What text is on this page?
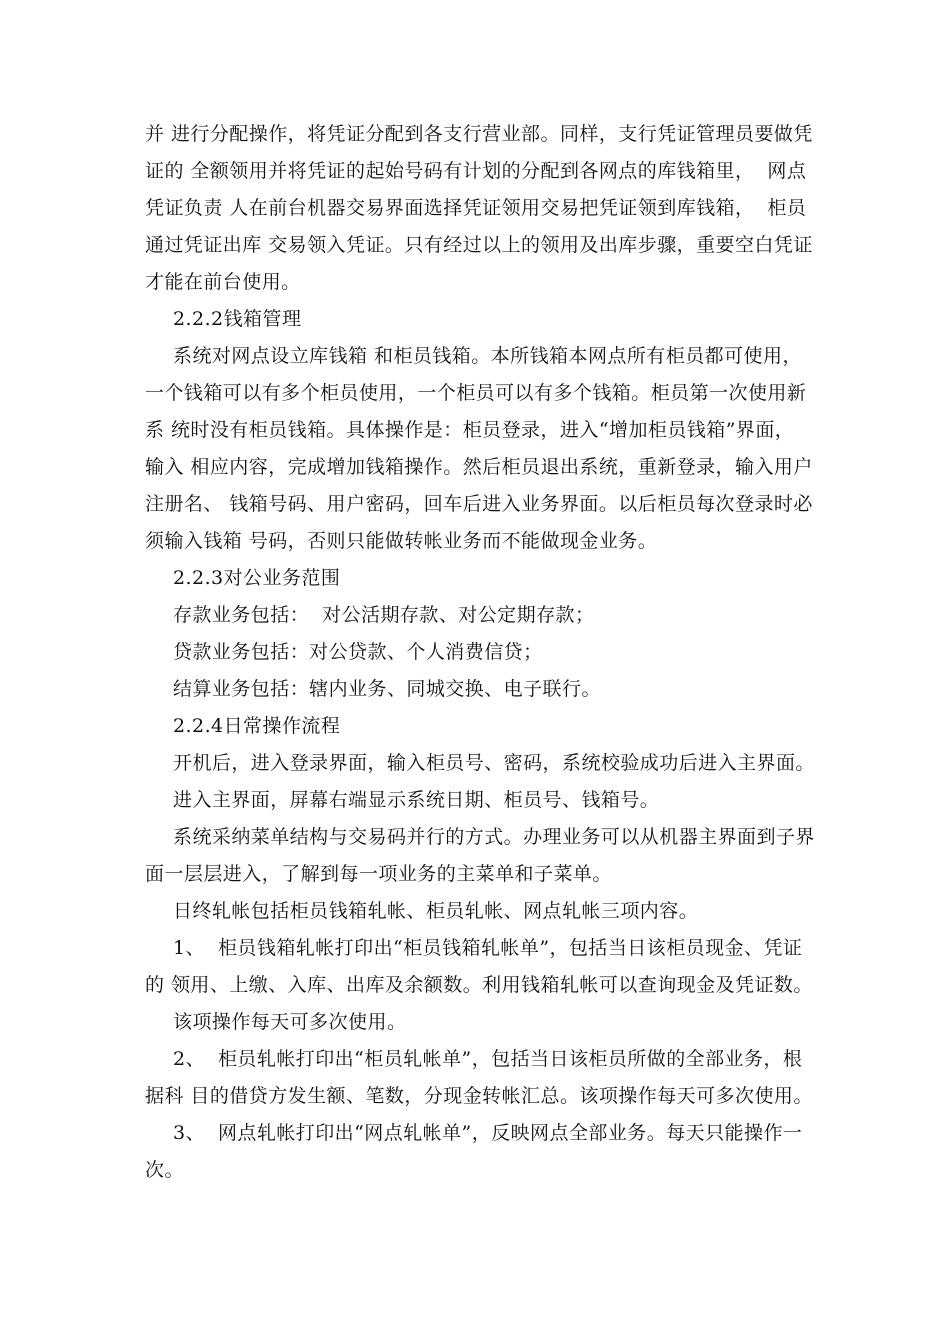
并 进行分配操作，将凭证分配到各支行营业部。同样，支行凭证管理员要做凭
证的 全额领用并将凭证的起始号码有计划的分配到各网点的库钱箱里，  网点
凭证负责 人在前台机器交易界面选择凭证领用交易把凭证领到库钱箱，  柜员
通过凭证出库 交易领入凭证。只有经过以上的领用及出库步骤，重要空白凭证
才能在前台使用。
2.2.2钱箱管理
系统对网点设立库钱箱 和柜员钱箱。本所钱箱本网点所有柜员都可使用，
一个钱箱可以有多个柜员使用，一个柜员可以有多个钱箱。柜员第一次使用新
系 统时没有柜员钱箱。具体操作是：柜员登录，进入“增加柜员钱箱”界面，
输入 相应内容，完成增加钱箱操作。然后柜员退出系统，重新登录，输入用户
注册名、 钱箱号码、用户密码，回车后进入业务界面。以后柜员每次登录时必
须输入钱箱 号码，否则只能做转帐业务而不能做现金业务。
2.2.3对公业务范围
存款业务包括：  对公活期存款、对公定期存款；
贷款业务包括：对公贷款、个人消费信贷；
结算业务包括：辖内业务、同城交换、电子联行。
2.2.4日常操作流程
开机后，进入登录界面，输入柜员号、密码，系统校验成功后进入主界面。
进入主界面，屏幕右端显示系统日期、柜员号、钱箱号。
系统采纳菜单结构与交易码并行的方式。办理业务可以从机器主界面到子界
面一层层进入，了解到每一项业务的主菜单和子菜单。
日终轧帐包括柜员钱箱轧帐、柜员轧帐、网点轧帐三项内容。
1、  柜员钱箱轧帐打印出“柜员钱箱轧帐单”，包括当日该柜员现金、凭证
的 领用、上缴、入库、出库及余额数。利用钱箱轧帐可以查询现金及凭证数。
该项操作每天可多次使用。
2、  柜员轧帐打印出“柜员轧帐单”，包括当日该柜员所做的全部业务，根
据科 目的借贷方发生额、笔数，分现金转帐汇总。该项操作每天可多次使用。
3、  网点轧帐打印出“网点轧帐单”，反映网点全部业务。每天只能操作一
次。
